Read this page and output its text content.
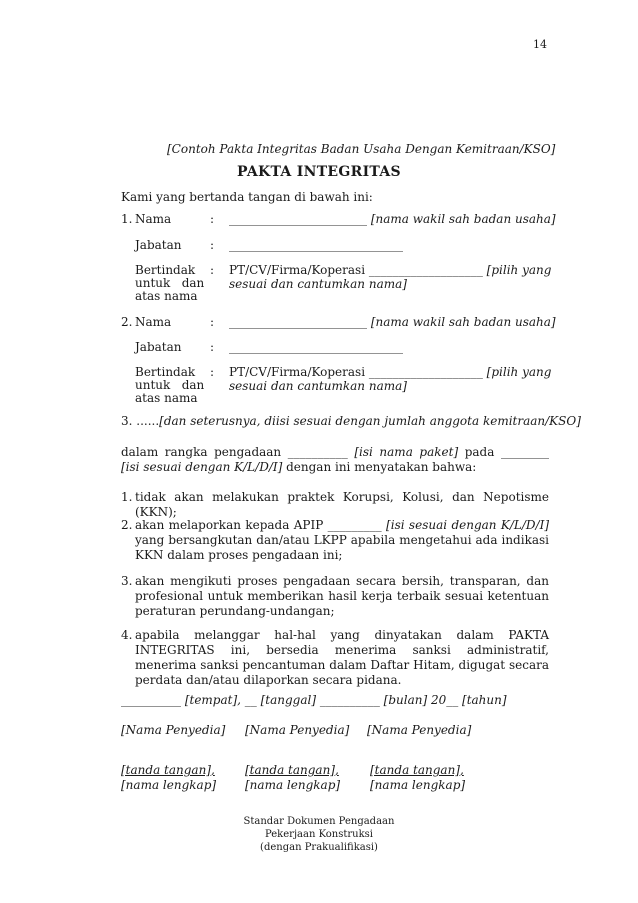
14
[Contoh Pakta Integritas Badan Usaha Dengan Kemitraan/KSO]
PAKTA INTEGRITAS
Kami yang bertanda tangan di bawah ini:
1. Nama	: _______________________ [nama wakil sah badan usaha]
Jabatan : _____________________________
Bertindak
untuk   dan
atas nama
: PT/CV/Firma/Koperasi ___________________ [pilih yang
sesuai dan cantumkan nama]
2. Nama	: _______________________ [nama wakil sah badan usaha]
Jabatan : _____________________________
Bertindak
untuk   dan
atas nama
: PT/CV/Firma/Koperasi ___________________ [pilih yang
sesuai dan cantumkan nama]
3. ......[dan seterusnya, diisi sesuai dengan jumlah anggota kemitraan/KSO]
dalam rangka pengadaan __________ [isi nama paket] pada ________ [isi sesuai dengan K/L/D/I] dengan ini menyatakan bahwa:
1. tidak akan melakukan praktek Korupsi, Kolusi, dan Nepotisme (KKN);
2. akan melaporkan kepada APIP _________ [isi sesuai dengan K/L/D/I] yang bersangkutan dan/atau LKPP apabila mengetahui ada indikasi KKN dalam proses pengadaan ini;
3. akan mengikuti proses pengadaan secara bersih, transparan, dan profesional untuk memberikan hasil kerja terbaik sesuai ketentuan peraturan perundang-undangan;
4. apabila melanggar hal-hal yang dinyatakan dalam PAKTA INTEGRITAS ini, bersedia menerima sanksi administratif, menerima sanksi pencantuman dalam Daftar Hitam, digugat secara perdata dan/atau dilaporkan secara pidana.
__________ [tempat], __ [tanggal] __________ [bulan] 20__ [tahun]
[Nama Penyedia] [Nama Penyedia] [Nama Penyedia]
[tanda tangan],
[nama lengkap]
[tanda tangan],
[nama lengkap]
[tanda tangan],
[nama lengkap]
Standar Dokumen Pengadaan
Pekerjaan Konstruksi
(dengan Prakualifikasi)
